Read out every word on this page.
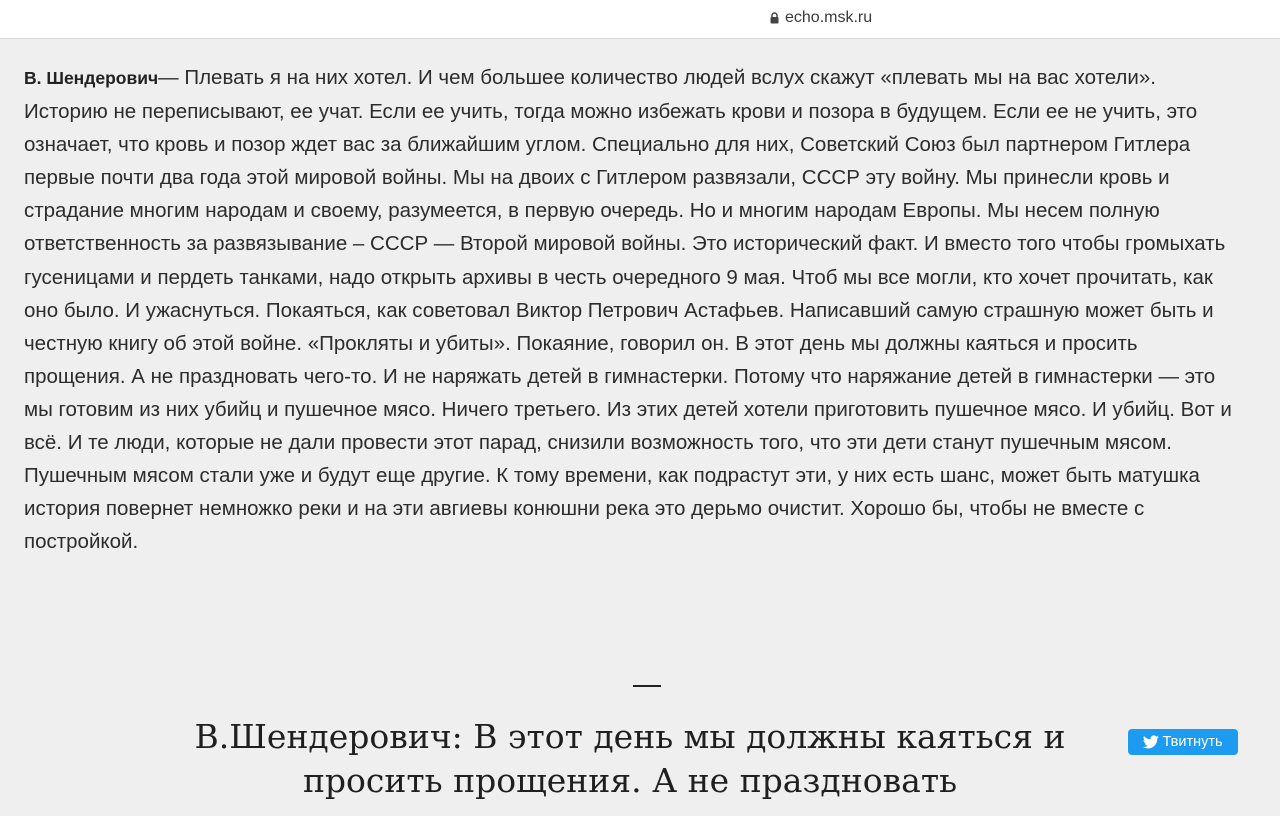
echo.msk.ru

В. Шендерович— Плевать я на них хотел. И чем большее количество людей вслух скажут «плевать мы на вас хотели». Историю не переписывают, ее учат. Если ее учить, тогда можно избежать крови и позора в будущем. Если ее не учить, это означает, что кровь и позор ждет вас за ближайшим углом. Специально для них, Советский Союз был партнером Гитлера первые почти два года этой мировой войны. Мы на двоих с Гитлером развязали, СССР эту войну. Мы принесли кровь и страдание многим народам и своему, разумеется, в первую очередь. Но и многим народам Европы. Мы несем полную ответственность за развязывание – СССР — Второй мировой войны. Это исторический факт. И вместо того чтобы громыхать гусеницами и пердеть танками, надо открыть архивы в честь очередного 9 мая. Чтоб мы все могли, кто хочет прочитать, как оно было. И ужаснуться. Покаяться, как советовал Виктор Петрович Астафьев. Написавший самую страшную может быть и честную книгу об этой войне. «Прокляты и убиты». Покаяние, говорил он. В этот день мы должны каяться и просить прощения. А не праздновать чего-то. И не наряжать детей в гимнастерки. Потому что наряжание детей в гимнастерки — это мы готовим из них убийц и пушечное мясо. Ничего третьего. Из этих детей хотели приготовить пушечное мясо. И убийц. Вот и всё. И те люди, которые не дали провести этот парад, снизили возможность того, что эти дети станут пушечным мясом. Пушечным мясом стали уже и будут еще другие. К тому времени, как подрастут эти, у них есть шанс, может быть матушка история повернет немножко реки и на эти авгиевы конюшни река это дерьмо очистит. Хорошо бы, чтобы не вместе с постройкой.

В.Шендерович: В этот день мы должны каяться и просить прощения. А не праздновать
Твитнуть
